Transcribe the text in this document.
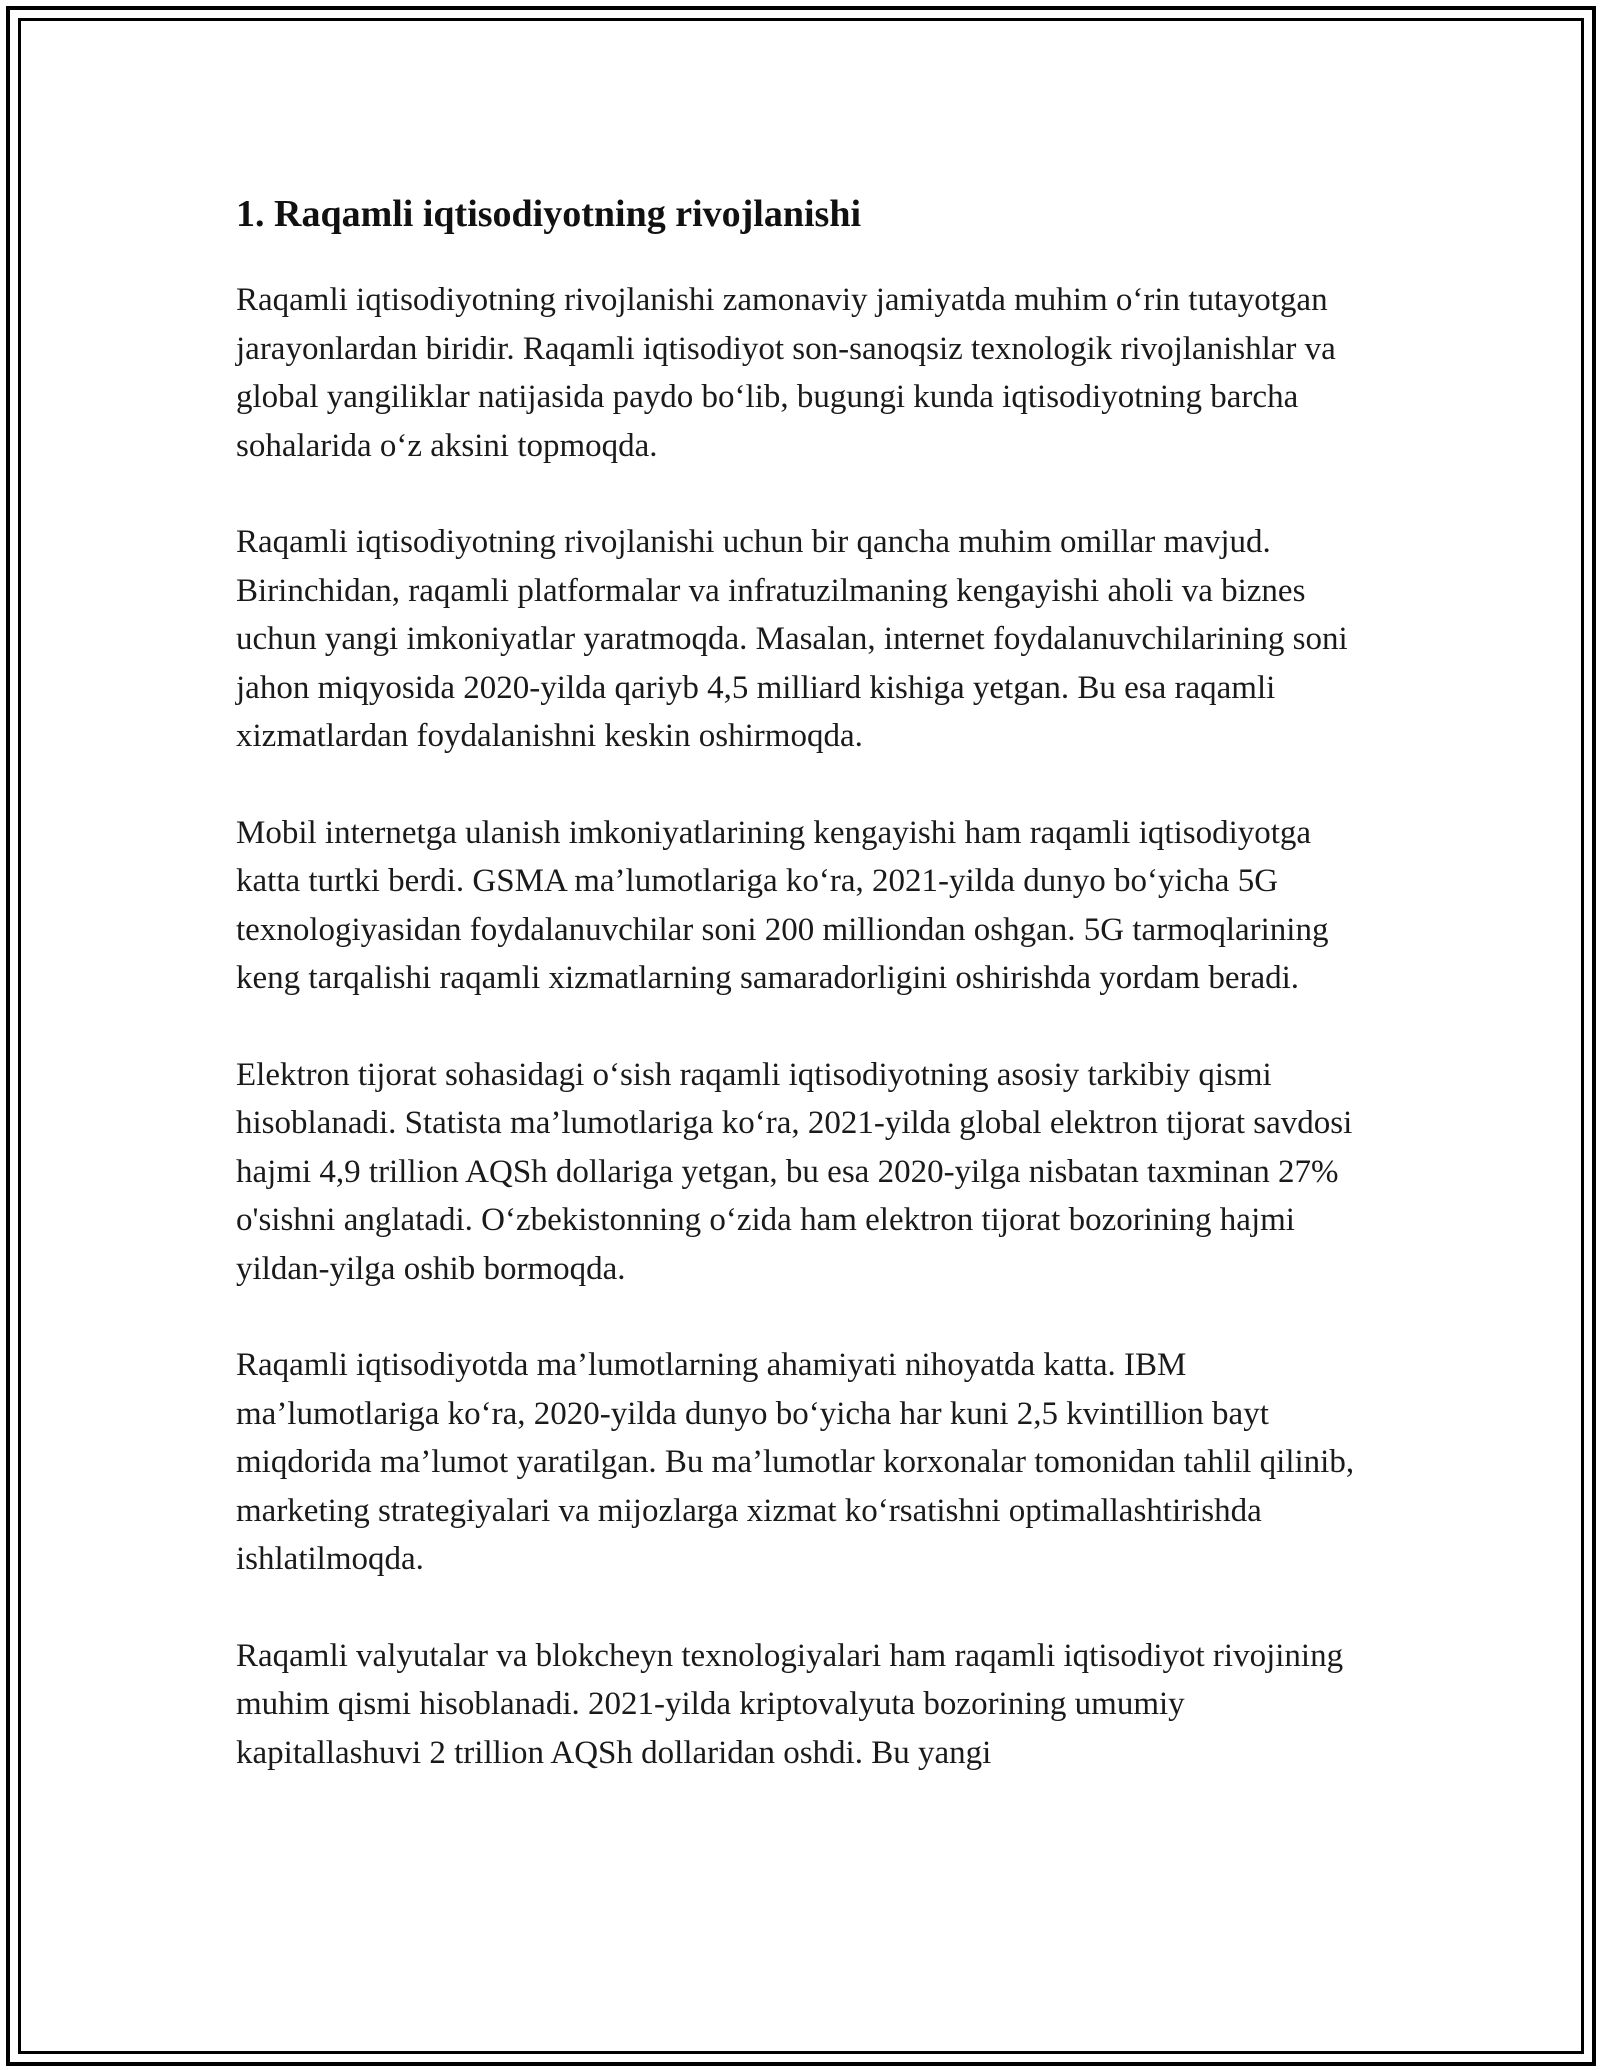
1. Raqamli iqtisodiyotning rivojlanishi

Raqamli iqtisodiyotning rivojlanishi zamonaviy jamiyatda muhim o‘rin tutayotgan jarayonlardan biridir. Raqamli iqtisodiyot son-sanoqsiz texnologik rivojlanishlar va global yangiliklar natijasida paydo bo‘lib, bugungi kunda iqtisodiyotning barcha sohalarida o‘z aksini topmoqda.

Raqamli iqtisodiyotning rivojlanishi uchun bir qancha muhim omillar mavjud. Birinchidan, raqamli platformalar va infratuzilmaning kengayishi aholi va biznes uchun yangi imkoniyatlar yaratmoqda. Masalan, internet foydalanuvchilarining soni jahon miqyosida 2020-yilda qariyb 4,5 milliard kishiga yetgan. Bu esa raqamli xizmatlardan foydalanishni keskin oshirmoqda.

Mobil internetga ulanish imkoniyatlarining kengayishi ham raqamli iqtisodiyotga katta turtki berdi. GSMA ma’lumotlariga ko‘ra, 2021-yilda dunyo bo‘yicha 5G texnologiyasidan foydalanuvchilar soni 200 milliondan oshgan. 5G tarmoqlarining keng tarqalishi raqamli xizmatlarning samaradorligini oshirishda yordam beradi.

Elektron tijorat sohasidagi o‘sish raqamli iqtisodiyotning asosiy tarkibiy qismi hisoblanadi. Statista ma’lumotlariga ko‘ra, 2021-yilda global elektron tijorat savdosi hajmi 4,9 trillion AQSh dollariga yetgan, bu esa 2020-yilga nisbatan taxminan 27% o'sishni anglatadi. O‘zbekistonning o‘zida ham elektron tijorat bozorining hajmi yildan-yilga oshib bormoqda.

Raqamli iqtisodiyotda ma’lumotlarning ahamiyati nihoyatda katta. IBM ma’lumotlariga ko‘ra, 2020-yilda dunyo bo‘yicha har kuni 2,5 kvintillion bayt miqdorida ma’lumot yaratilgan. Bu ma’lumotlar korxonalar tomonidan tahlil qilinib, marketing strategiyalari va mijozlarga xizmat ko‘rsatishni optimallashtirishda ishlatilmoqda.

Raqamli valyutalar va blokcheyn texnologiyalari ham raqamli iqtisodiyot rivojining muhim qismi hisoblanadi. 2021-yilda kriptovalyuta bozorining umumiy kapitallashuvi 2 trillion AQSh dollaridan oshdi. Bu yangi
